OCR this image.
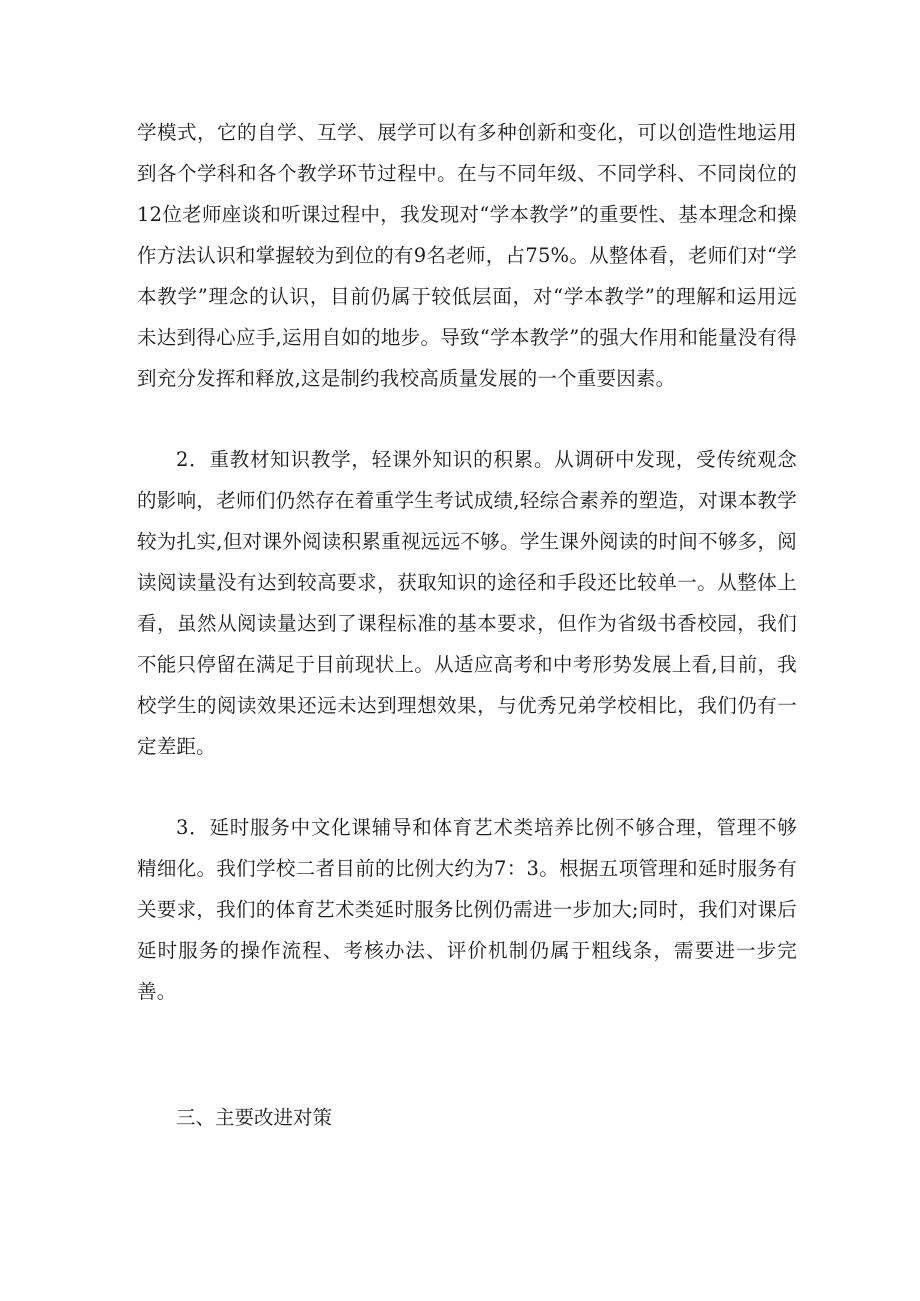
学模式，它的自学、互学、展学可以有多种创新和变化，可以创造性地运用到各个学科和各个教学环节过程中。在与不同年级、不同学科、不同岗位的12位老师座谈和听课过程中，我发现对“学本教学”的重要性、基本理念和操作方法认识和掌握较为到位的有9名老师，占75%。从整体看，老师们对“学本教学”理念的认识，目前仍属于较低层面，对“学本教学”的理解和运用远未达到得心应手,运用自如的地步。导致“学本教学”的强大作用和能量没有得到充分发挥和释放,这是制约我校高质量发展的一个重要因素。

2．重教材知识教学，轻课外知识的积累。从调研中发现，受传统观念的影响，老师们仍然存在着重学生考试成绩,轻综合素养的塑造，对课本教学较为扎实,但对课外阅读积累重视远远不够。学生课外阅读的时间不够多，阅读阅读量没有达到较高要求，获取知识的途径和手段还比较单一。从整体上看，虽然从阅读量达到了课程标准的基本要求，但作为省级书香校园，我们不能只停留在满足于目前现状上。从适应高考和中考形势发展上看,目前，我校学生的阅读效果还远未达到理想效果，与优秀兄弟学校相比，我们仍有一定差距。

3．延时服务中文化课辅导和体育艺术类培养比例不够合理，管理不够精细化。我们学校二者目前的比例大约为7：3。根据五项管理和延时服务有关要求，我们的体育艺术类延时服务比例仍需进一步加大;同时，我们对课后延时服务的操作流程、考核办法、评价机制仍属于粗线条，需要进一步完善。

三、主要改进对策
